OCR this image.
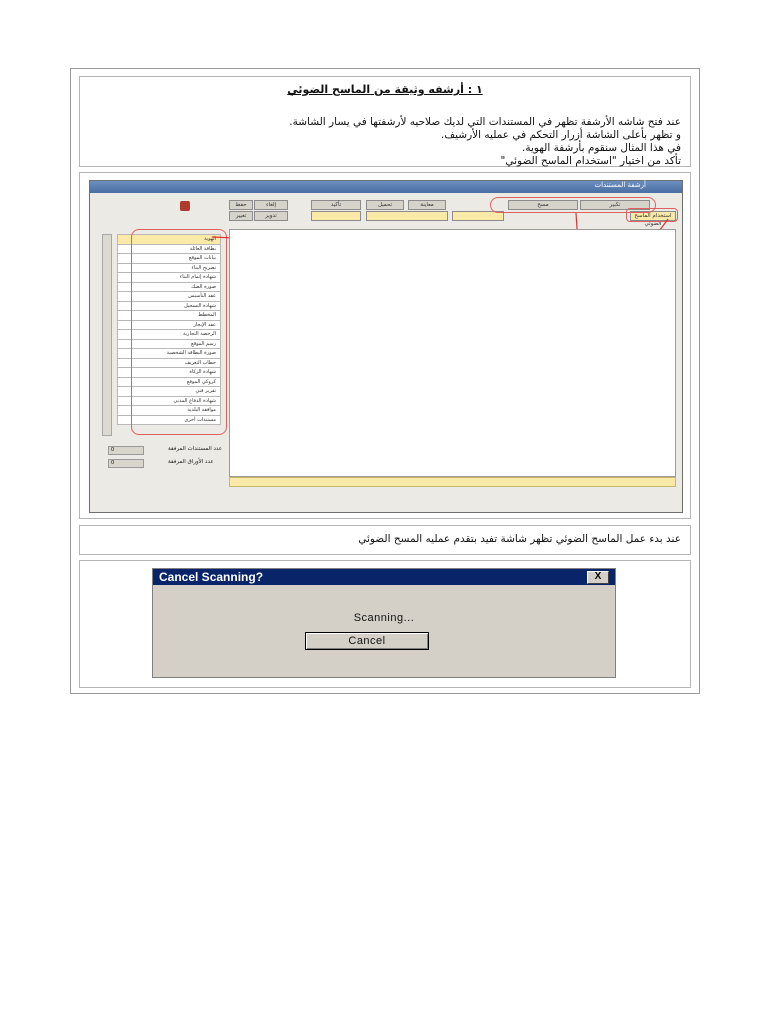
١ : أرشفه وثيقة من الماسح الضوئي
عند فتح شاشه الأرشفة تظهر في المستندات التي لديك صلاحيه لأرشفتها في يسار الشاشة.
و تظهر بأعلى الشاشة أزرار التحكم في عمليه الأرشيف.
في هذا المثال سنقوم بأرشفة الهوية.
تأكد من اختيار "استخدام الماسح الضوئي"
أرشفة المستندات
حفظ	إلغاء
تغيير	تدوير
تأكيد	تحميل	معاينة	مسح	تكبير
استخدام الماسح الضوئي
الهوية
بطاقة العائلة
بيانات الموقع
تصريح البناء
شهادة إتمام البناء
صورة الصك
عقد التأسيس
شهادة التسجيل
المخطط
عقد الإيجار
الرخصة التجارية
رسم الموقع
صورة البطاقة الشخصية
خطاب التعريف
شهادة الزكاة
كروكي الموقع
تقرير فني
شهادة الدفاع المدني
موافقة البلدية
مستندات أخرى
عدد المستندات المرفقة
عدد الأوراق المرفقة
0
0
عند بدء عمل الماسح الضوئي تظهر شاشة تفيد بتقدم عمليه المسح الضوئي
Cancel Scanning?	X
Scanning...
Cancel
